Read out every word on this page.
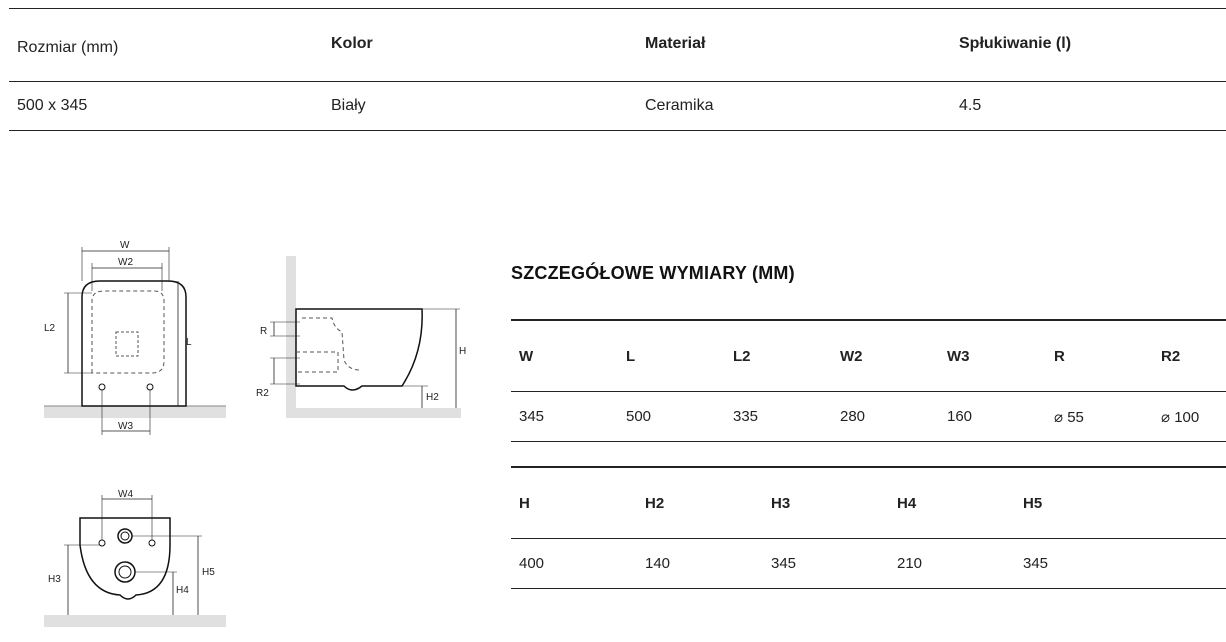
Rozmiar (mm)	Kolor	Materiał	Spłukiwanie (l)
500 x 345	Biały	Ceramika	4.5
W
W2
L2
L
W3
R
R2
H
H2
W4
H3
H5
H4
SZCZEGÓŁOWE WYMIARY (MM)
W	L	L2	W2	W3	R	R2
345	500	335	280	160	⌀ 55	⌀ 100
H	H2	H3	H4	H5
400	140	345	210	345
